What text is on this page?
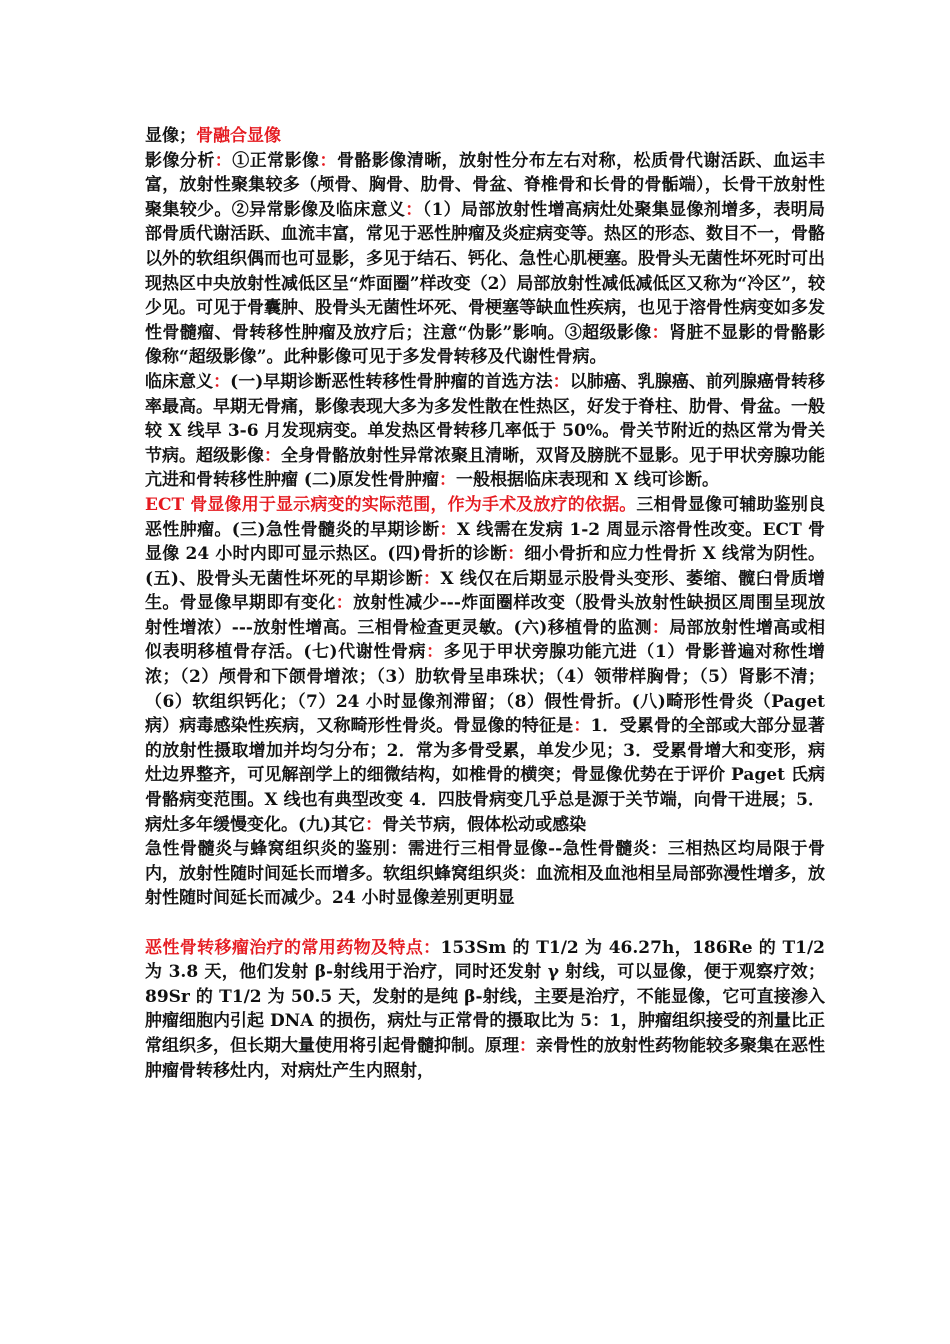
显像；骨融合显像

影像分析：①正常影像：骨骼影像清晰，放射性分布左右对称，松质骨代谢活跃、血运丰富，放射性聚集较多（颅骨、胸骨、肋骨、骨盆、脊椎骨和长骨的骨骺端），长骨干放射性聚集较少。②异常影像及临床意义：（1）局部放射性增高病灶处聚集显像剂增多，表明局部骨质代谢活跃、血流丰富，常见于恶性肿瘤及炎症病变等。热区的形态、数目不一，骨骼以外的软组织偶而也可显影，多见于结石、钙化、急性心肌梗塞。股骨头无菌性坏死时可出现热区中央放射性减低区呈“炸面圈”样改变（2）局部放射性减低减低区又称为“冷区”，较少见。可见于骨囊肿、股骨头无菌性坏死、骨梗塞等缺血性疾病，也见于溶骨性病变如多发性骨髓瘤、骨转移性肿瘤及放疗后；注意“伪影”影响。③超级影像：肾脏不显影的骨骼影像称“超级影像”。此种影像可见于多发骨转移及代谢性骨病。

临床意义：(一)早期诊断恶性转移性骨肿瘤的首选方法：以肺癌、乳腺癌、前列腺癌骨转移率最高。早期无骨痛，影像表现大多为多发性散在性热区，好发于脊柱、肋骨、骨盆。一般较 X 线早 3-6 月发现病变。单发热区骨转移几率低于 50%。骨关节附近的热区常为骨关节病。超级影像：全身骨骼放射性异常浓聚且清晰，双肾及膀胱不显影。见于甲状旁腺功能亢进和骨转移性肿瘤 (二)原发性骨肿瘤：一般根据临床表现和 X 线可诊断。

ECT 骨显像用于显示病变的实际范围，作为手术及放疗的依据。三相骨显像可辅助鉴别良恶性肿瘤。(三)急性骨髓炎的早期诊断：X 线需在发病 1-2 周显示溶骨性改变。ECT 骨显像 24 小时内即可显示热区。(四)骨折的诊断：细小骨折和应力性骨折 X 线常为阴性。(五)、股骨头无菌性坏死的早期诊断：X 线仅在后期显示股骨头变形、萎缩、髋臼骨质增生。骨显像早期即有变化：放射性减少---炸面圈样改变（股骨头放射性缺损区周围呈现放射性增浓）---放射性增高。三相骨检查更灵敏。(六)移植骨的监测：局部放射性增高或相似表明移植骨存活。(七)代谢性骨病：多见于甲状旁腺功能亢进（1）骨影普遍对称性增浓；（2）颅骨和下颌骨增浓；（3）肋软骨呈串珠状；（4）领带样胸骨；（5）肾影不清；（6）软组织钙化；（7）24 小时显像剂滞留；（8）假性骨折。(八)畸形性骨炎（Paget 病）病毒感染性疾病，又称畸形性骨炎。骨显像的特征是：1．受累骨的全部或大部分显著的放射性摄取增加并均匀分布；2．常为多骨受累，单发少见；3．受累骨增大和变形，病灶边界整齐，可见解剖学上的细微结构，如椎骨的横突；骨显像优势在于评价 Paget 氏病骨骼病变范围。X 线也有典型改变 4．四肢骨病变几乎总是源于关节端，向骨干进展；5．病灶多年缓慢变化。(九)其它：骨关节病，假体松动或感染

急性骨髓炎与蜂窝组织炎的鉴别：需进行三相骨显像--急性骨髓炎：三相热区均局限于骨内，放射性随时间延长而增多。软组织蜂窝组织炎：血流相及血池相呈局部弥漫性增多，放射性随时间延长而减少。24 小时显像差别更明显

恶性骨转移瘤治疗的常用药物及特点：153Sm 的 T1/2 为 46.27h，186Re 的 T1/2 为 3.8 天，他们发射 β-射线用于治疗，同时还发射 γ 射线，可以显像，便于观察疗效；89Sr 的 T1/2 为 50.5 天，发射的是纯 β-射线，主要是治疗，不能显像，它可直接渗入肿瘤细胞内引起 DNA 的损伤，病灶与正常骨的摄取比为 5：1，肿瘤组织接受的剂量比正常组织多，但长期大量使用将引起骨髓抑制。原理：亲骨性的放射性药物能较多聚集在恶性肿瘤骨转移灶内，对病灶产生内照射，
